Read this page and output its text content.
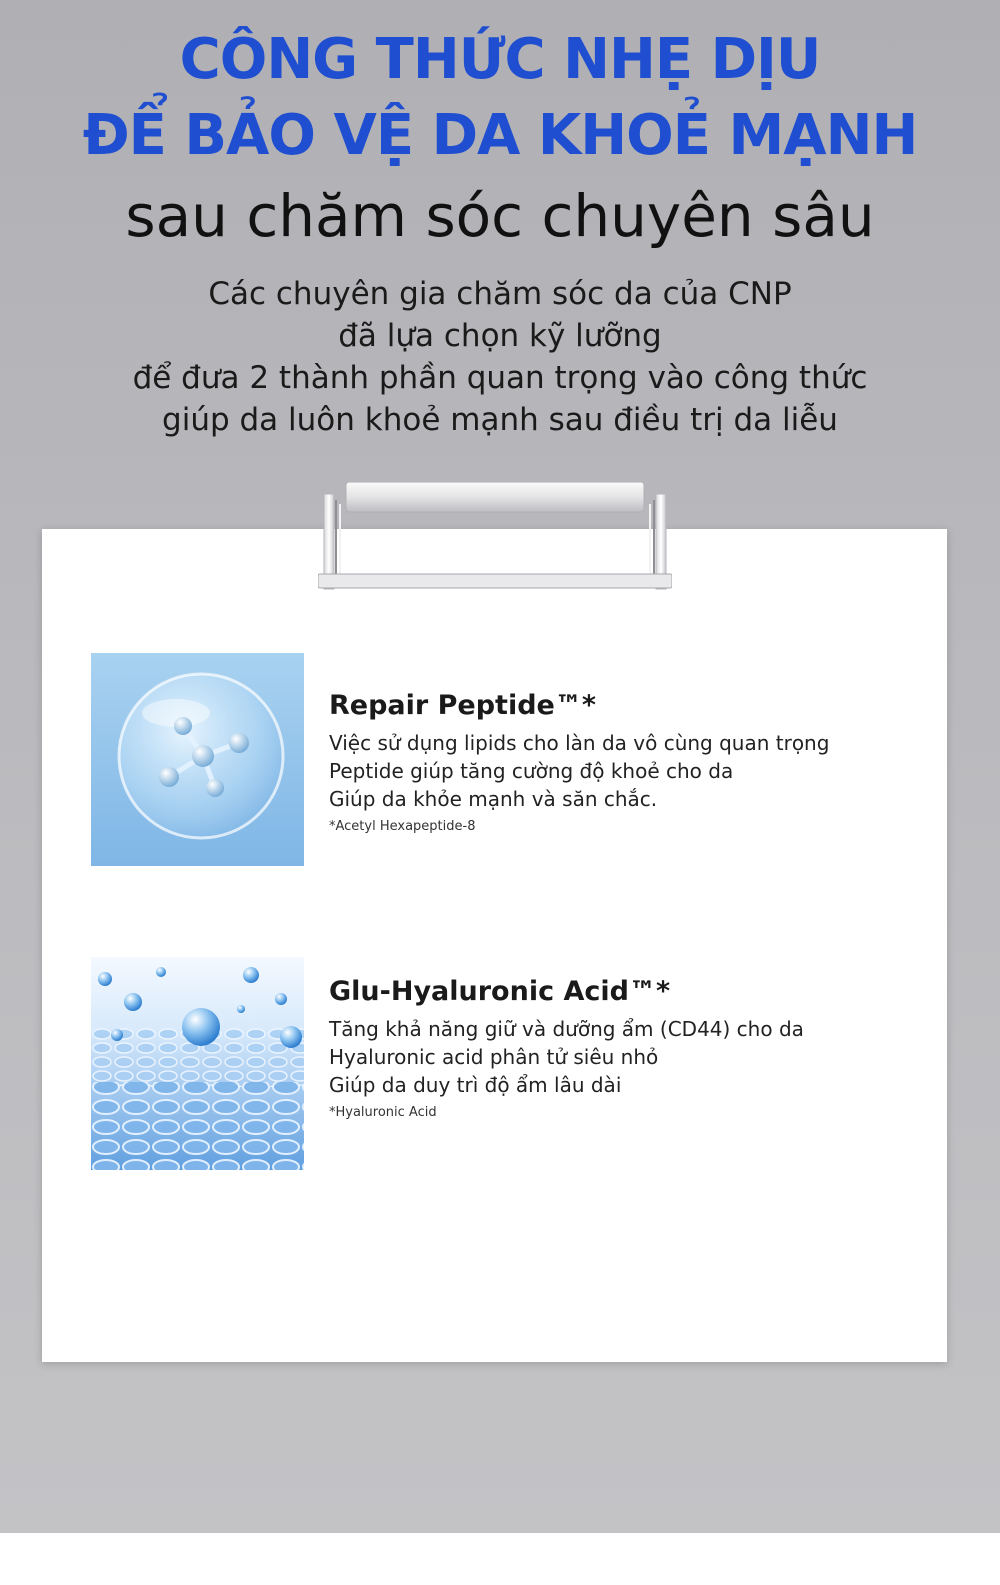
CÔNG THỨC NHẸ DỊU
ĐỂ BẢO VỆ DA KHOẺ MẠNH
sau chăm sóc chuyên sâu
Các chuyên gia chăm sóc da của CNP
đã lựa chọn kỹ lưỡng
để đưa 2 thành phần quan trọng vào công thức
giúp da luôn khoẻ mạnh sau điều trị da liễu
Repair Peptide™*
Việc sử dụng lipids cho làn da vô cùng quan trọng
Peptide giúp tăng cường độ khoẻ cho da
Giúp da khỏe mạnh và săn chắc.
*Acetyl Hexapeptide-8
Glu-Hyaluronic Acid™*
Tăng khả năng giữ và dưỡng ẩm (CD44) cho da
Hyaluronic acid phân tử siêu nhỏ
Giúp da duy trì độ ẩm lâu dài
*Hyaluronic Acid
